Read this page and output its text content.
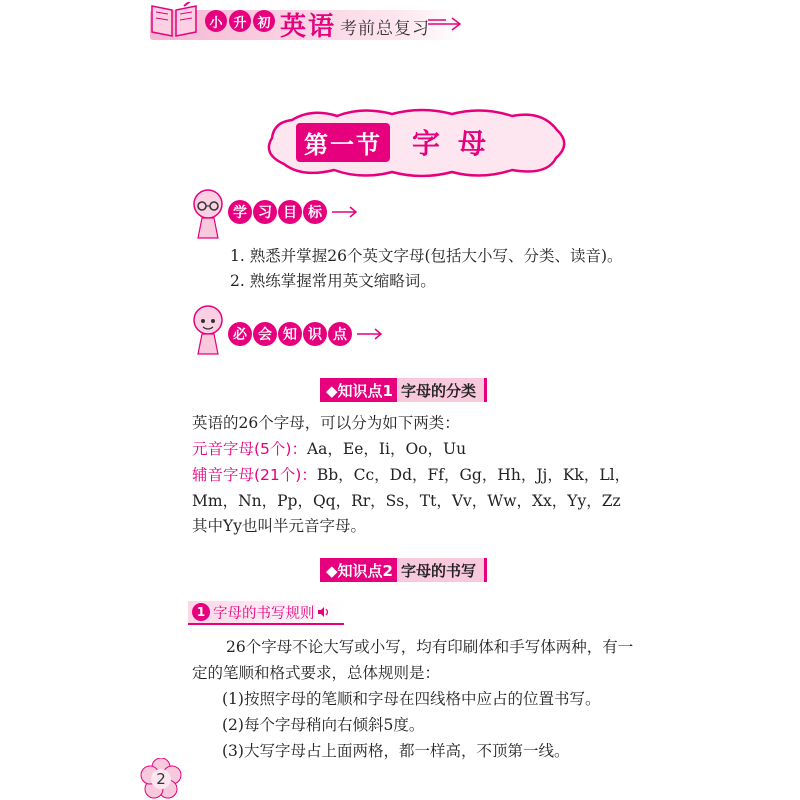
小 升 初 英语 考前总复习
第一节 字母
学 习 目 标
1. 熟悉并掌握26个英文字母(包括大小写、分类、读音)。
2. 熟练掌握常用英文缩略词。
必 会 知 识 点
◆知识点1 字母的分类
英语的26个字母，可以分为如下两类：
元音字母(5个)：Aa，Ee，Ii，Oo，Uu
辅音字母(21个)：Bb，Cc，Dd，Ff，Gg，Hh，Jj，Kk，Ll，
Mm，Nn，Pp，Qq，Rr，Ss，Tt，Vv，Ww，Xx，Yy，Zz
其中Yy也叫半元音字母。
◆知识点2 字母的书写
1 字母的书写规则
26个字母不论大写或小写，均有印刷体和手写体两种，有一
定的笔顺和格式要求，总体规则是：
(1)按照字母的笔顺和字母在四线格中应占的位置书写。
(2)每个字母稍向右倾斜5度。
(3)大写字母占上面两格，都一样高，不顶第一线。
2
